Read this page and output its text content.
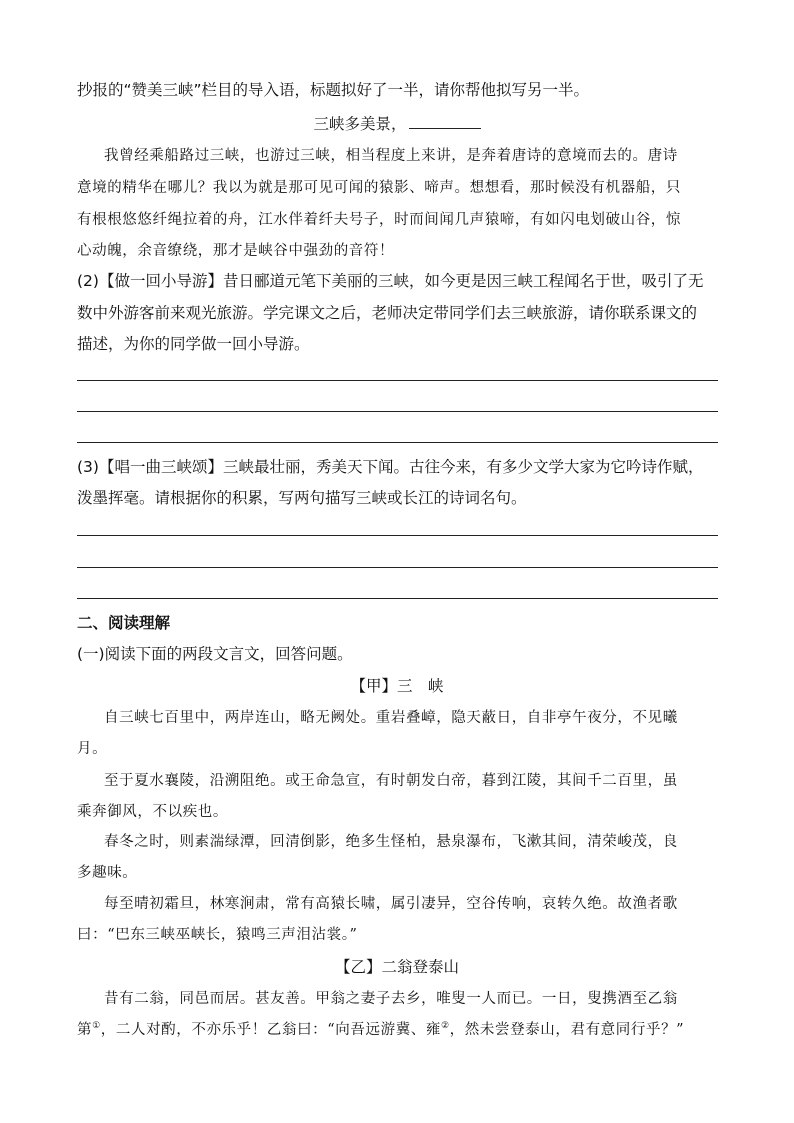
抄报的“赞美三峡”栏目的导入语，标题拟好了一半，请你帮他拟写另一半。
三峡多美景，
我曾经乘船路过三峡，也游过三峡，相当程度上来讲，是奔着唐诗的意境而去的。唐诗
意境的精华在哪儿？我以为就是那可见可闻的猿影、啼声。想想看，那时候没有机器船，只
有根根悠悠纤绳拉着的舟，江水伴着纤夫号子，时而间闻几声猿啼，有如闪电划破山谷，惊
心动魄，余音缭绕，那才是峡谷中强劲的音符！
(2)【做一回小导游】昔日郦道元笔下美丽的三峡，如今更是因三峡工程闻名于世，吸引了无
数中外游客前来观光旅游。学完课文之后，老师决定带同学们去三峡旅游，请你联系课文的
描述，为你的同学做一回小导游。
(3)【唱一曲三峡颂】三峡最壮丽，秀美天下闻。古往今来，有多少文学大家为它吟诗作赋，
泼墨挥毫。请根据你的积累，写两句描写三峡或长江的诗词名句。
二、阅读理解
(一)阅读下面的两段文言文，回答问题。
【甲】三　峡
自三峡七百里中，两岸连山，略无阙处。重岩叠嶂，隐天蔽日，自非亭午夜分，不见曦
月。
至于夏水襄陵，沿溯阻绝。或王命急宣，有时朝发白帝，暮到江陵，其间千二百里，虽
乘奔御风，不以疾也。
春冬之时，则素湍绿潭，回清倒影，绝多生怪柏，悬泉瀑布，飞漱其间，清荣峻茂，良
多趣味。
每至晴初霜旦，林寒涧肃，常有高猿长啸，属引凄异，空谷传响，哀转久绝。故渔者歌
曰：“巴东三峡巫峡长，猿鸣三声泪沾裳。”
【乙】二翁登泰山
昔有二翁，同邑而居。甚友善。甲翁之妻子去乡，唯叟一人而已。一日，叟携酒至乙翁
第①，二人对酌，不亦乐乎！乙翁曰：“向吾远游冀、雍②，然未尝登泰山，君有意同行乎？”
